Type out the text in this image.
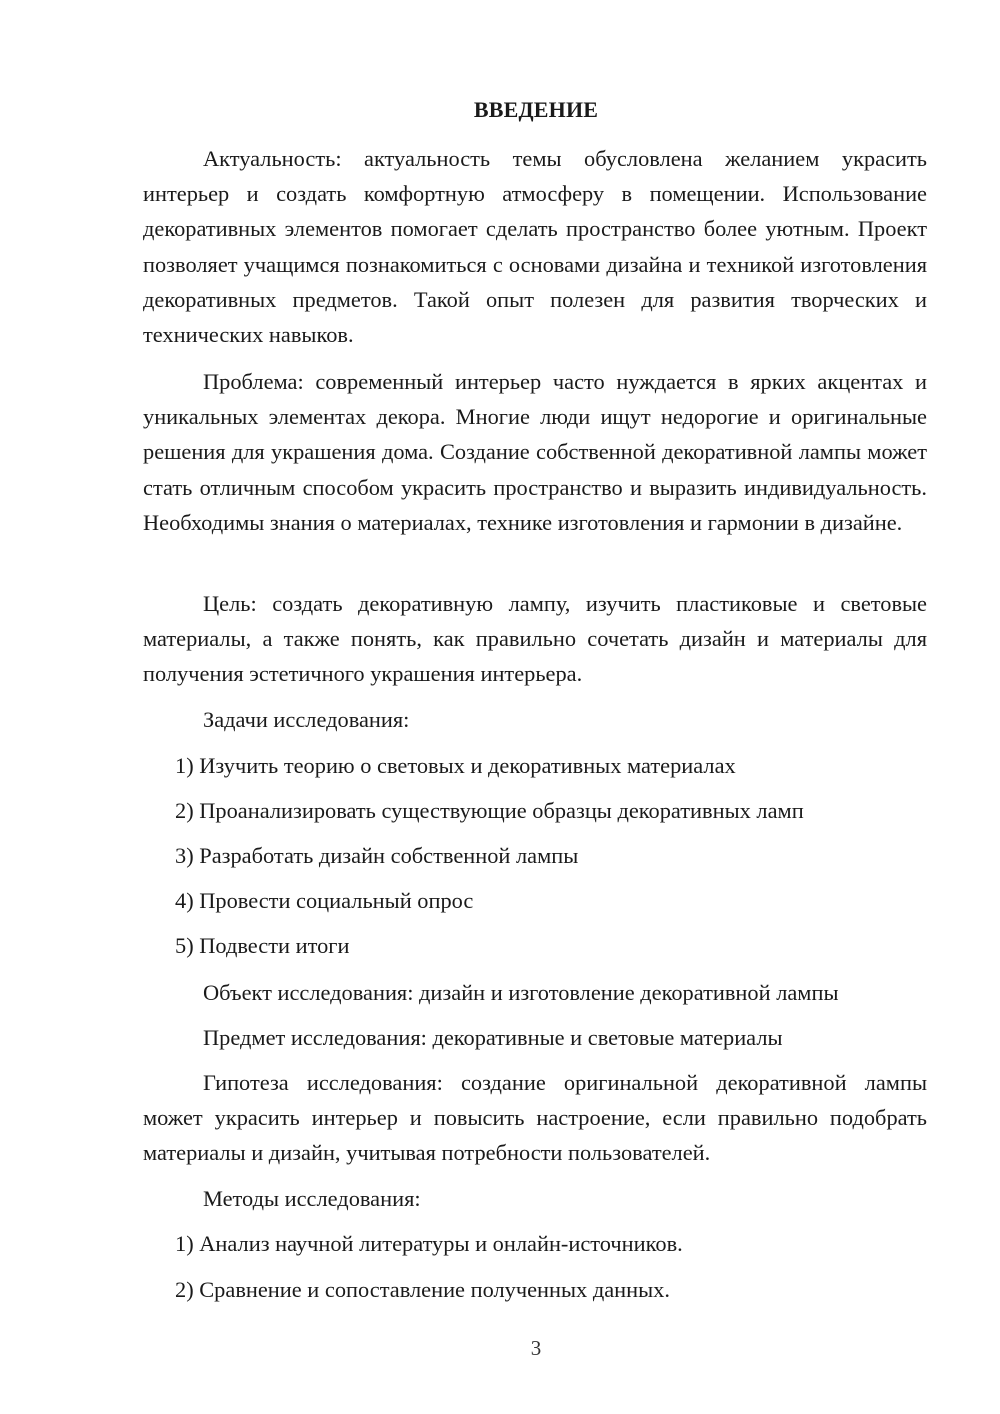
ВВЕДЕНИЕ

Актуальность: актуальность темы обусловлена желанием украсить интерьер и создать комфортную атмосферу в помещении. Использование декоративных элементов помогает сделать пространство более уютным. Проект позволяет учащимся познакомиться с основами дизайна и техникой изготовления декоративных предметов. Такой опыт полезен для развития творческих и технических навыков.

Проблема: современный интерьер часто нуждается в ярких акцентах и уникальных элементах декора. Многие люди ищут недорогие и оригинальные решения для украшения дома. Создание собственной декоративной лампы может стать отличным способом украсить пространство и выразить индивидуальность. Необходимы знания о материалах, технике изготовления и гармонии в дизайне.

Цель: создать декоративную лампу, изучить пластиковые и световые материалы, а также понять, как правильно сочетать дизайн и материалы для получения эстетичного украшения интерьера.

Задачи исследования:
1) Изучить теорию о световых и декоративных материалах
2) Проанализировать существующие образцы декоративных ламп
3) Разработать дизайн собственной лампы
4) Провести социальный опрос
5) Подвести итоги
Объект исследования: дизайн и изготовление декоративной лампы
Предмет исследования: декоративные и световые материалы

Гипотеза исследования: создание оригинальной декоративной лампы может украсить интерьер и повысить настроение, если правильно подобрать материалы и дизайн, учитывая потребности пользователей.

Методы исследования:
1) Анализ научной литературы и онлайн-источников.
2) Сравнение и сопоставление полученных данных.
3
